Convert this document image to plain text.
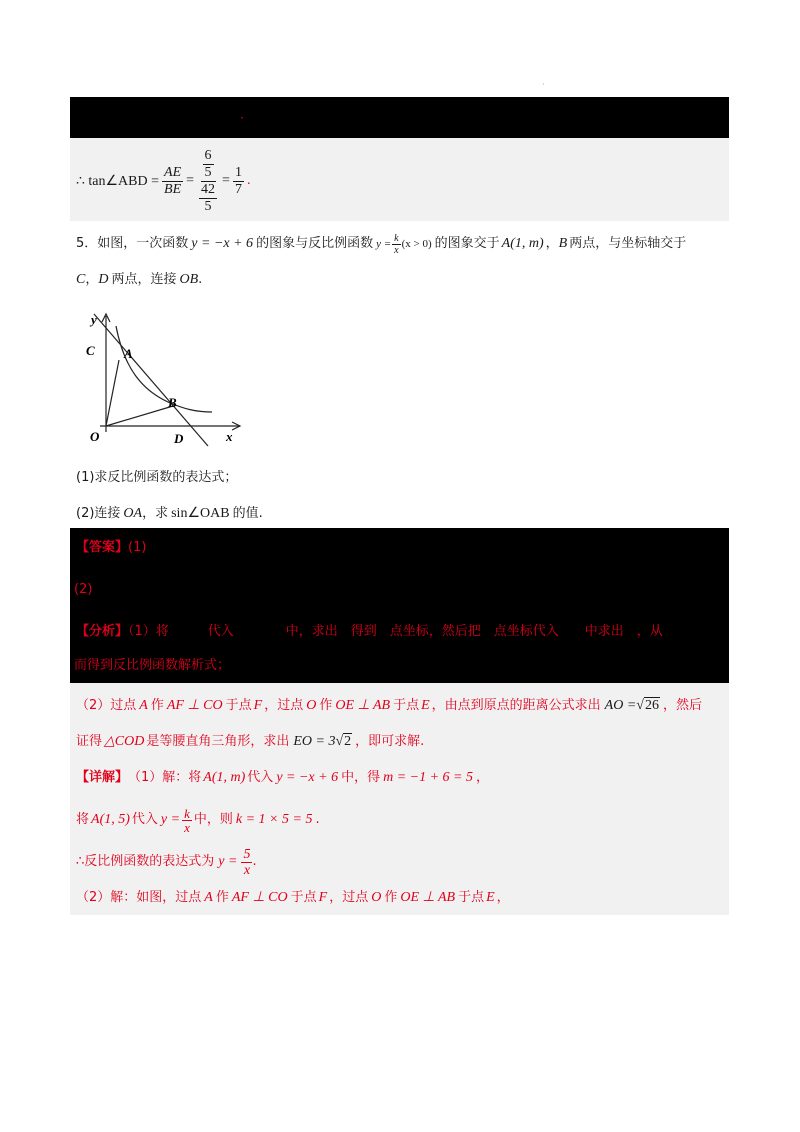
·
·
∴ tan∠ABD = $\frac{AE}{BE} = \frac{\frac{6}{5}}{\frac{42}{5}} = \frac{1}{7}$ .
5．如图，一次函数 y = −x + 6 的图象与反比例函数 $y = \frac{k}{x} (x > 0)$ 的图象交于 A(1, m) ， B 两点，与坐标轴交于
C，D 两点，连接 OB.
y
x
C A
B
O	D
(1)求反比例函数的表达式；
(2)连接 OA，求 sin∠OAB 的值.
【答案】(1)
(2)
【分析】（1）将　　　代入　　　　中，求出　得到　点坐标，然后把　点坐标代入　　中求出　，从
而得到反比例函数解析式；
（2）过点 A 作 AF ⊥ CO 于点 F ，过点 O 作 OE ⊥ AB 于点 E ，由点到原点的距离公式求出 AO = √26 ，然后
证得 △COD 是等腰直角三角形，求出 EO = 3 √2 ，即可求解.
【详解】 （1）解：将 A(1, m) 代入 y = −x + 6 中，得 m = −1 + 6 = 5 ，
将 A(1, 5) 代入 $y = \frac{k}{x}$ 中，则 k = 1 × 5 = 5 .
∴反比例函数的表达式为 $y = \frac{5}{x}$ .
（2）解：如图，过点 A 作 AF ⊥ CO 于点 F ，过点 O 作 OE ⊥ AB 于点 E ，
